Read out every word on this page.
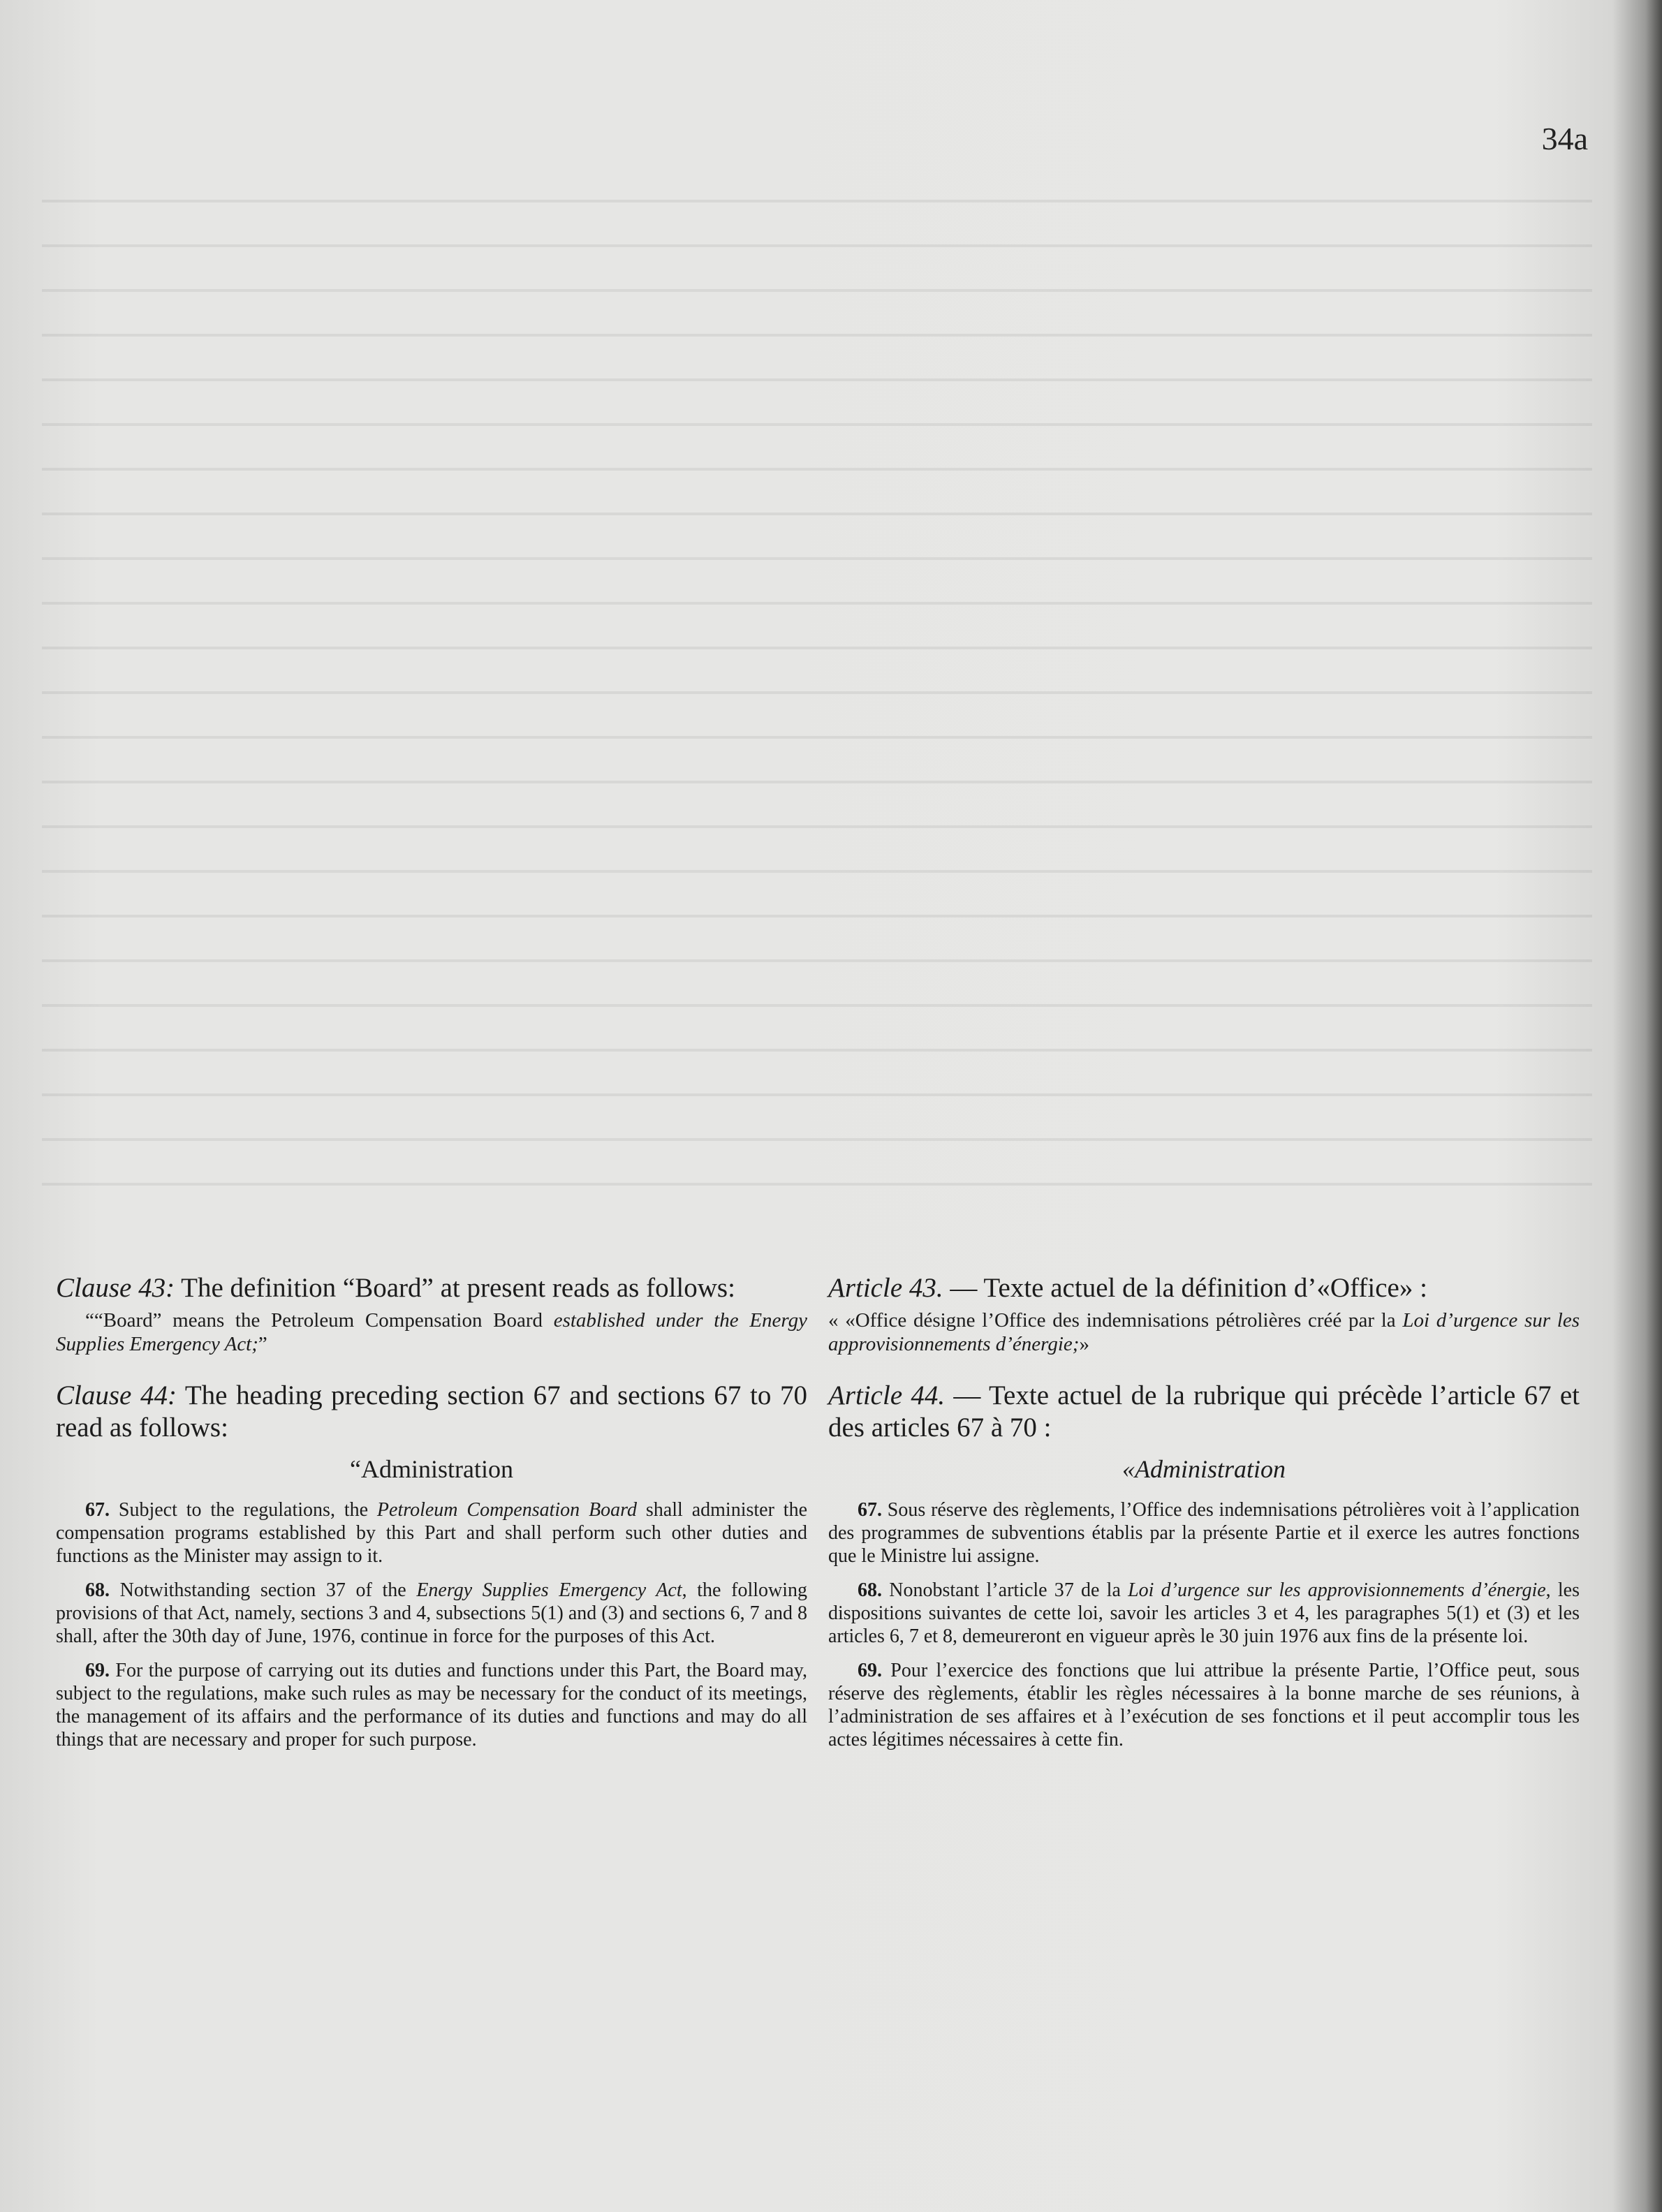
34a

Clause 43: The definition “Board” at present reads as follows:

““Board” means the Petroleum Compensation Board established under the Energy Supplies Emergency Act;”

Clause 44: The heading preceding section 67 and sections 67 to 70 read as follows:

“Administration

67. Subject to the regulations, the Petroleum Compensation Board shall administer the compensation programs established by this Part and shall perform such other duties and functions as the Minister may assign to it.

68. Notwithstanding section 37 of the Energy Supplies Emergency Act, the following provisions of that Act, namely, sections 3 and 4, subsections 5(1) and (3) and sections 6, 7 and 8 shall, after the 30th day of June, 1976, continue in force for the purposes of this Act.

69. For the purpose of carrying out its duties and functions under this Part, the Board may, subject to the regulations, make such rules as may be necessary for the conduct of its meetings, the management of its affairs and the performance of its duties and functions and may do all things that are necessary and proper for such purpose.

Article 43. — Texte actuel de la définition d’«Office» :

« «Office désigne l’Office des indemnisations pétrolières créé par la Loi d’urgence sur les approvisionnements d’énergie;»

Article 44. — Texte actuel de la rubrique qui précède l’article 67 et des articles 67 à 70 :

«Administration

67. Sous réserve des règlements, l’Office des indemnisations pétrolières voit à l’application des programmes de subventions établis par la présente Partie et il exerce les autres fonctions que le Ministre lui assigne.

68. Nonobstant l’article 37 de la Loi d’urgence sur les approvisionnements d’énergie, les dispositions suivantes de cette loi, savoir les articles 3 et 4, les paragraphes 5(1) et (3) et les articles 6, 7 et 8, demeureront en vigueur après le 30 juin 1976 aux fins de la présente loi.

69. Pour l’exercice des fonctions que lui attribue la présente Partie, l’Office peut, sous réserve des règlements, établir les règles nécessaires à la bonne marche de ses réunions, à l’administration de ses affaires et à l’exécution de ses fonctions et il peut accomplir tous les actes légitimes nécessaires à cette fin.
